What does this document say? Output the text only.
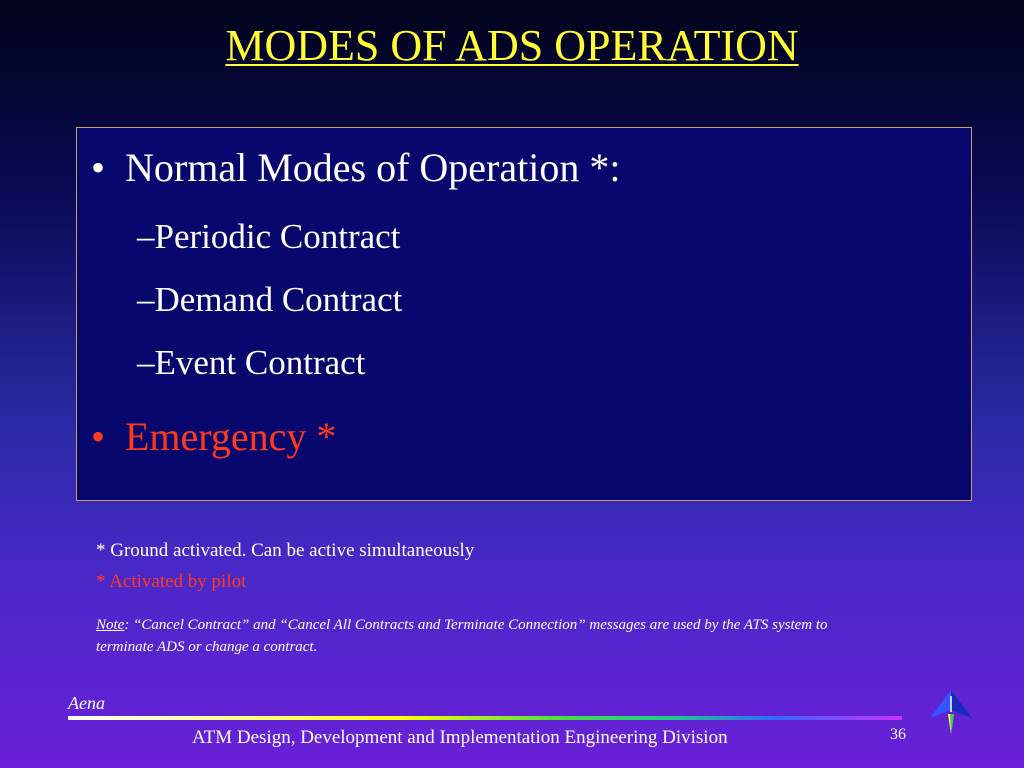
MODES OF ADS OPERATION
• Normal Modes of Operation *:
–Periodic Contract
–Demand Contract
–Event Contract
• Emergency *
* Ground activated. Can be active simultaneously
* Activated by pilot
Note: “Cancel Contract” and “Cancel All Contracts and Terminate Connection” messages are used by the ATS system to terminate ADS or change a contract.
Aena
ATM Design, Development and Implementation Engineering Division	36
